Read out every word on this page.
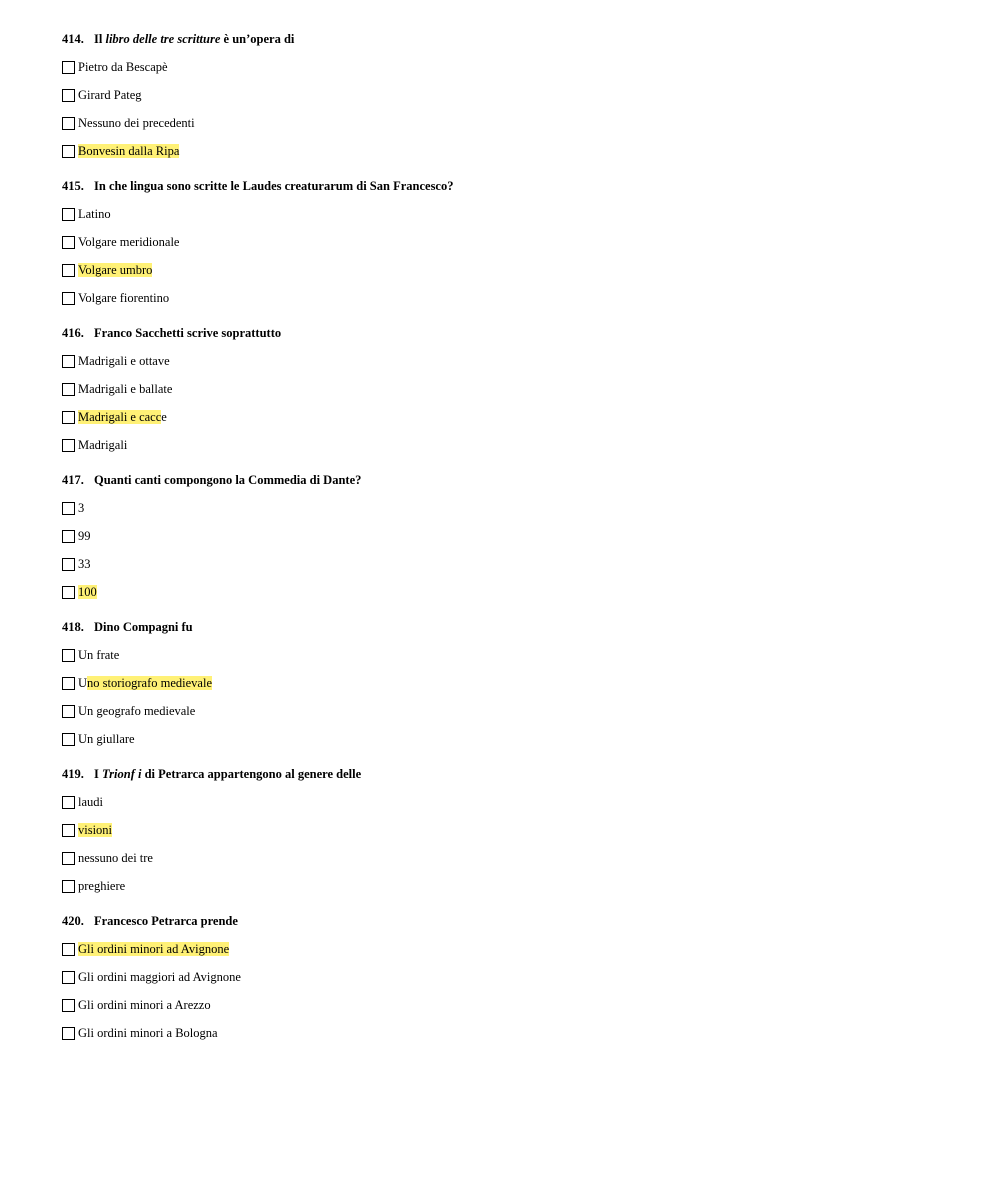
414. Il libro delle tre scritture è un’opera di
Pietro da Bescapè
Girard Pateg
Nessuno dei precedenti
Bonvesin dalla Ripa
415. In che lingua sono scritte le Laudes creaturarum di San Francesco?
Latino
Volgare meridionale
Volgare umbro
Volgare fiorentino
416. Franco Sacchetti scrive soprattutto
Madrigali e ottave
Madrigali e ballate
Madrigali e cacce
Madrigali
417. Quanti canti compongono la Commedia di Dante?
3
99
33
100
418. Dino Compagni fu
Un frate
Uno storiografo medievale
Un geografo medievale
Un giullare
419. I Trionf i di Petrarca appartengono al genere delle
laudi
visioni
nessuno dei tre
preghiere
420. Francesco Petrarca prende
Gli ordini minori ad Avignone
Gli ordini maggiori ad Avignone
Gli ordini minori a Arezzo
Gli ordini minori a Bologna
